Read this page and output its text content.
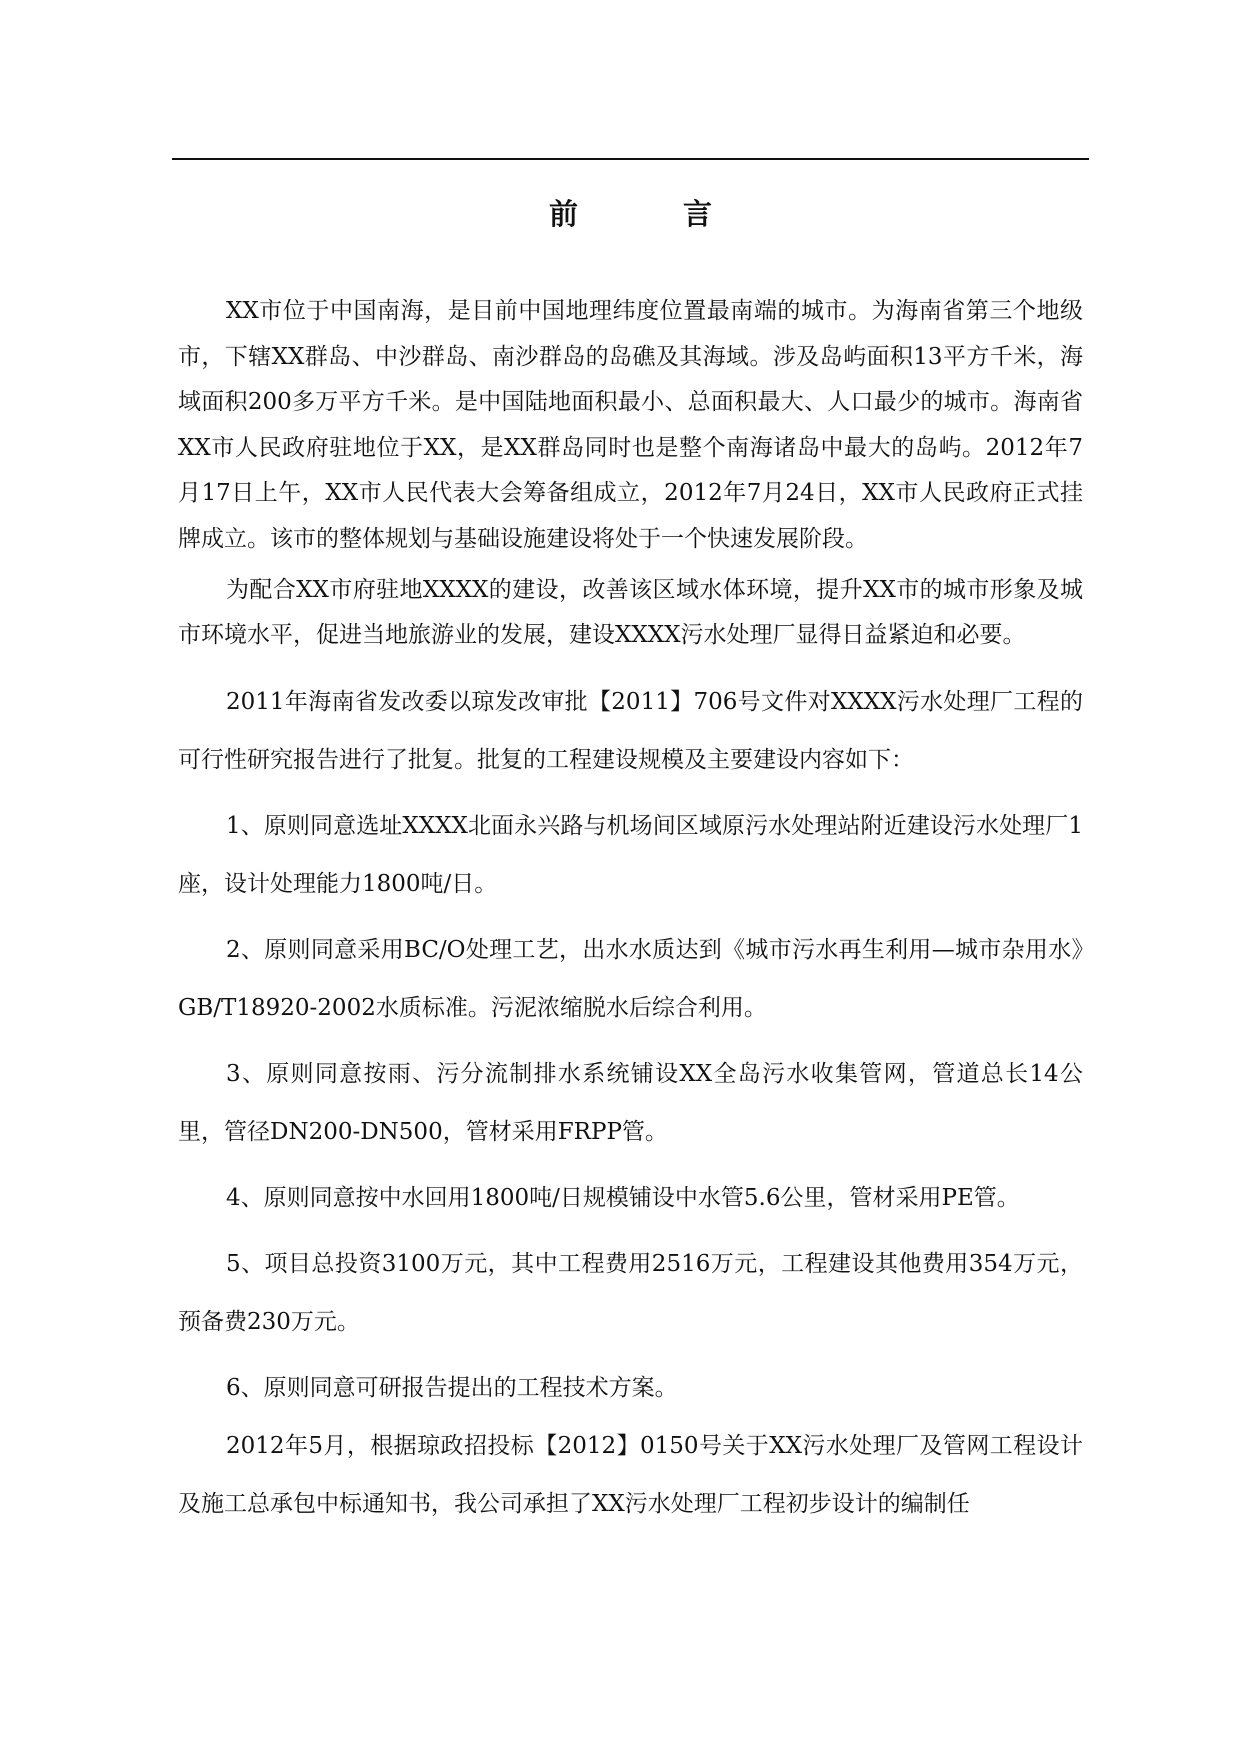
前　言

XX市位于中国南海，是目前中国地理纬度位置最南端的城市。为海南省第三个地级市，下辖XX群岛、中沙群岛、南沙群岛的岛礁及其海域。涉及岛屿面积13平方千米，海域面积200多万平方千米。是中国陆地面积最小、总面积最大、人口最少的城市。海南省XX市人民政府驻地位于XX，是XX群岛同时也是整个南海诸岛中最大的岛屿。2012年7月17日上午，XX市人民代表大会筹备组成立，2012年7月24日，XX市人民政府正式挂牌成立。该市的整体规划与基础设施建设将处于一个快速发展阶段。

为配合XX市府驻地XXXX的建设，改善该区域水体环境，提升XX市的城市形象及城市环境水平，促进当地旅游业的发展，建设XXXX污水处理厂显得日益紧迫和必要。

2011年海南省发改委以琼发改审批【2011】706号文件对XXXX污水处理厂工程的可行性研究报告进行了批复。批复的工程建设规模及主要建设内容如下：

1、原则同意选址XXXX北面永兴路与机场间区域原污水处理站附近建设污水处理厂1座，设计处理能力1800吨/日。

2、原则同意采用BC/O处理工艺，出水水质达到《城市污水再生利用—城市杂用水》GB/T18920-2002水质标准。污泥浓缩脱水后综合利用。

3、原则同意按雨、污分流制排水系统铺设XX全岛污水收集管网，管道总长14公里，管径DN200-DN500，管材采用FRPP管。

4、原则同意按中水回用1800吨/日规模铺设中水管5.6公里，管材采用PE管。

5、项目总投资3100万元，其中工程费用2516万元，工程建设其他费用354万元，预备费230万元。

6、原则同意可研报告提出的工程技术方案。

2012年5月，根据琼政招投标【2012】0150号关于XX污水处理厂及管网工程设计及施工总承包中标通知书，我公司承担了XX污水处理厂工程初步设计的编制任
